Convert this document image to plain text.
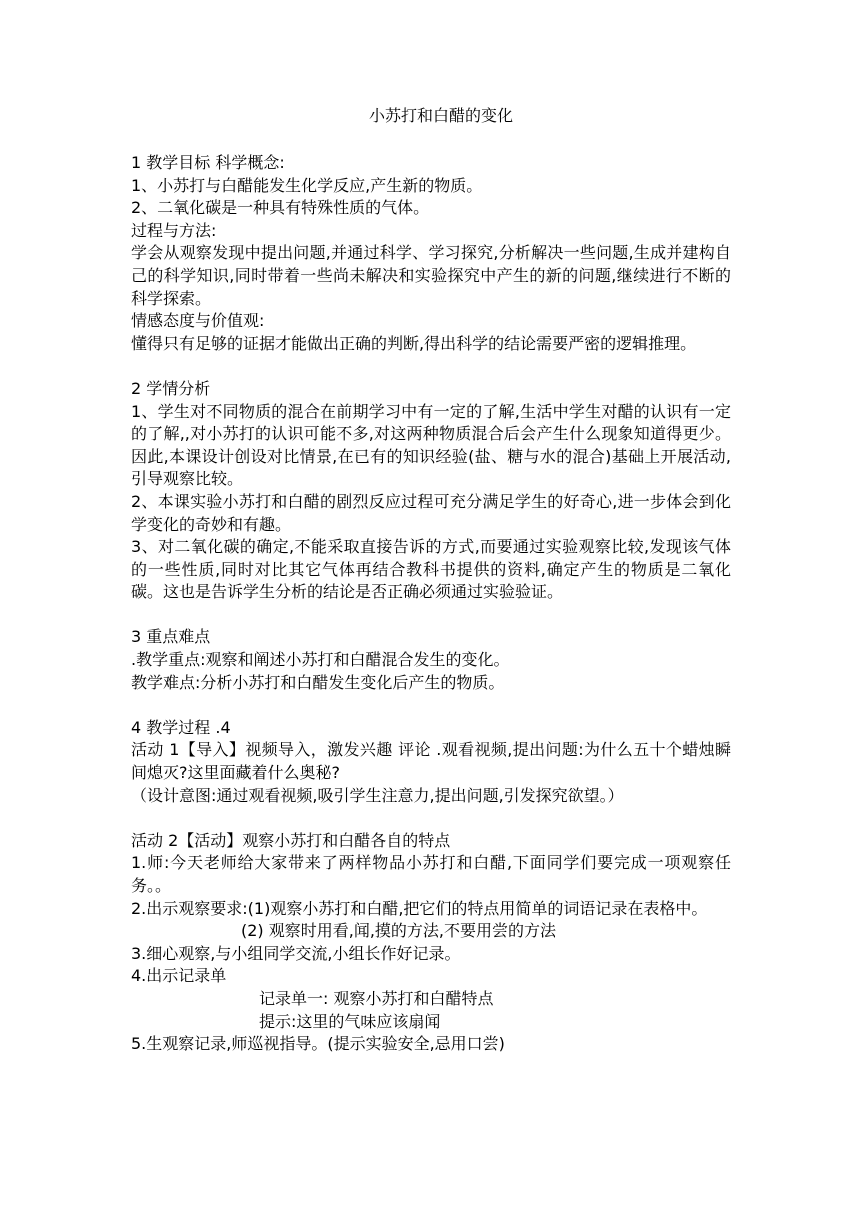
小苏打和白醋的变化
1 教学目标 科学概念:
1、小苏打与白醋能发生化学反应,产生新的物质。
2、二氧化碳是一种具有特殊性质的气体。
过程与方法:
学会从观察发现中提出问题,并通过科学、学习探究,分析解决一些问题,生成并建构自己的科学知识,同时带着一些尚未解决和实验探究中产生的新的问题,继续进行不断的科学探索。
情感态度与价值观:
懂得只有足够的证据才能做出正确的判断,得出科学的结论需要严密的逻辑推理。
2 学情分析
1、学生对不同物质的混合在前期学习中有一定的了解,生活中学生对醋的认识有一定的了解,,对小苏打的认识可能不多,对这两种物质混合后会产生什么现象知道得更少。因此,本课设计创设对比情景,在已有的知识经验(盐、糖与水的混合)基础上开展活动,引导观察比较。
2、本课实验小苏打和白醋的剧烈反应过程可充分满足学生的好奇心,进一步体会到化学变化的奇妙和有趣。
3、对二氧化碳的确定,不能采取直接告诉的方式,而要通过实验观察比较,发现该气体的一些性质,同时对比其它气体再结合教科书提供的资料,确定产生的物质是二氧化碳。这也是告诉学生分析的结论是否正确必须通过实验验证。
3 重点难点
.教学重点:观察和阐述小苏打和白醋混合发生的变化。
教学难点:分析小苏打和白醋发生变化后产生的物质。
4 教学过程 .4
活动 1【导入】视频导入，激发兴趣 评论 .观看视频,提出问题:为什么五十个蜡烛瞬间熄灭?这里面藏着什么奥秘?
（设计意图:通过观看视频,吸引学生注意力,提出问题,引发探究欲望。）
活动 2【活动】观察小苏打和白醋各自的特点
1.师:今天老师给大家带来了两样物品小苏打和白醋,下面同学们要完成一项观察任务。。
2.出示观察要求:(1)观察小苏打和白醋,把它们的特点用简单的词语记录在表格中。
(2) 观察时用看,闻,摸的方法,不要用尝的方法
3.细心观察,与小组同学交流,小组长作好记录。
4.出示记录单
记录单一: 观察小苏打和白醋特点
提示:这里的气味应该扇闻
5.生观察记录,师巡视指导。(提示实验安全,忌用口尝)
